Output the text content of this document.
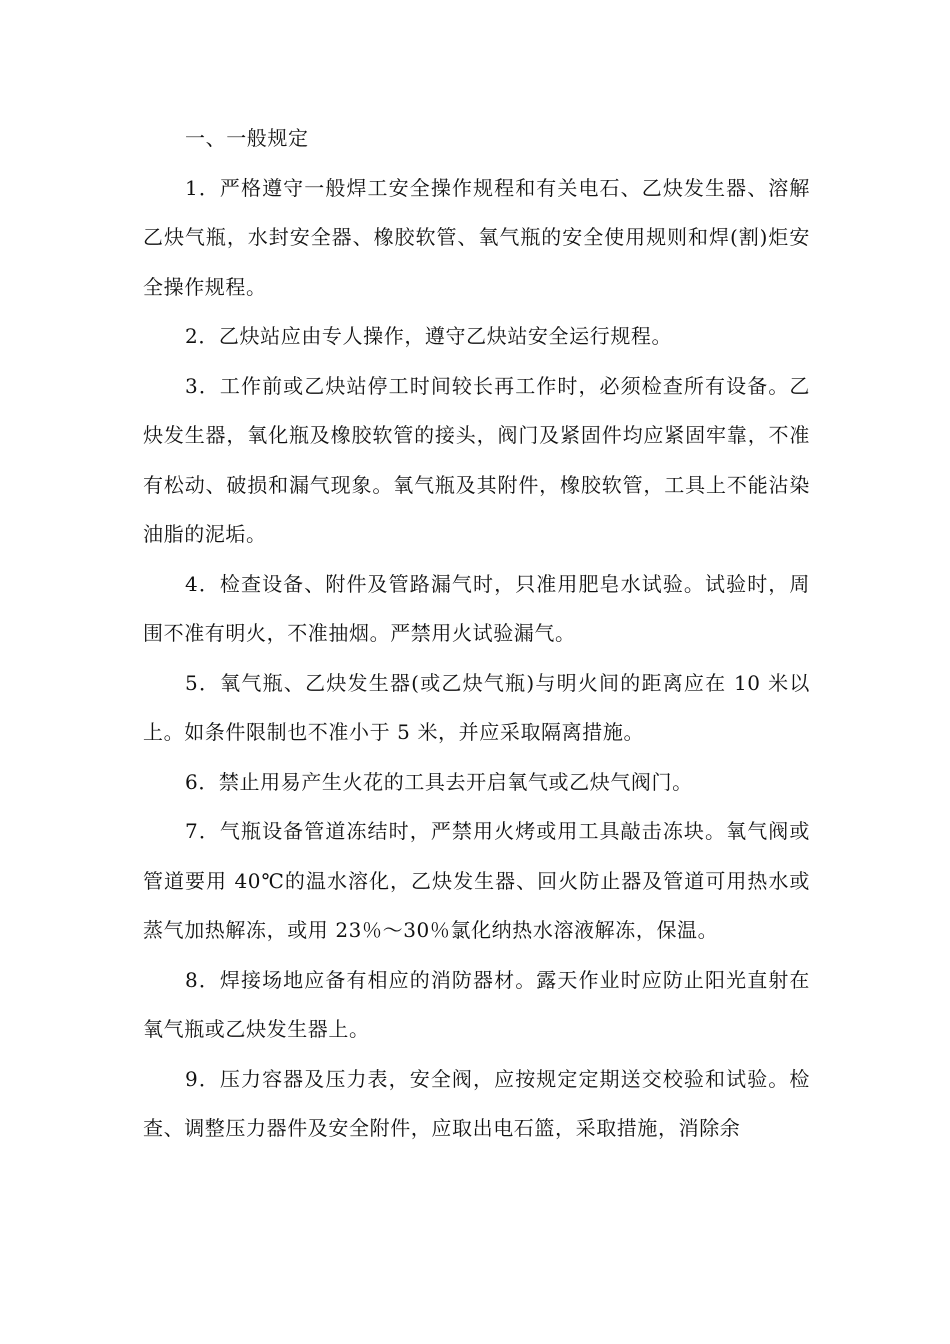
一、一般规定

1．严格遵守一般焊工安全操作规程和有关电石、乙炔发生器、溶解乙炔气瓶，水封安全器、橡胶软管、氧气瓶的安全使用规则和焊(割)炬安全操作规程。

2．乙炔站应由专人操作，遵守乙炔站安全运行规程。

3．工作前或乙炔站停工时间较长再工作时，必须检查所有设备。乙炔发生器，氧化瓶及橡胶软管的接头，阀门及紧固件均应紧固牢靠，不准有松动、破损和漏气现象。氧气瓶及其附件，橡胶软管，工具上不能沾染油脂的泥垢。

4．检查设备、附件及管路漏气时，只准用肥皂水试验。试验时，周围不准有明火，不准抽烟。严禁用火试验漏气。

5．氧气瓶、乙炔发生器(或乙炔气瓶)与明火间的距离应在 10 米以上。如条件限制也不准小于 5 米，并应采取隔离措施。

6．禁止用易产生火花的工具去开启氧气或乙炔气阀门。

7．气瓶设备管道冻结时，严禁用火烤或用工具敲击冻块。氧气阀或管道要用 40℃的温水溶化，乙炔发生器、回火防止器及管道可用热水或蒸气加热解冻，或用 23％～30％氯化纳热水溶液解冻，保温。

8．焊接场地应备有相应的消防器材。露天作业时应防止阳光直射在氧气瓶或乙炔发生器上。

9．压力容器及压力表，安全阀，应按规定定期送交校验和试验。检查、调整压力器件及安全附件，应取出电石篮，采取措施，消除余
